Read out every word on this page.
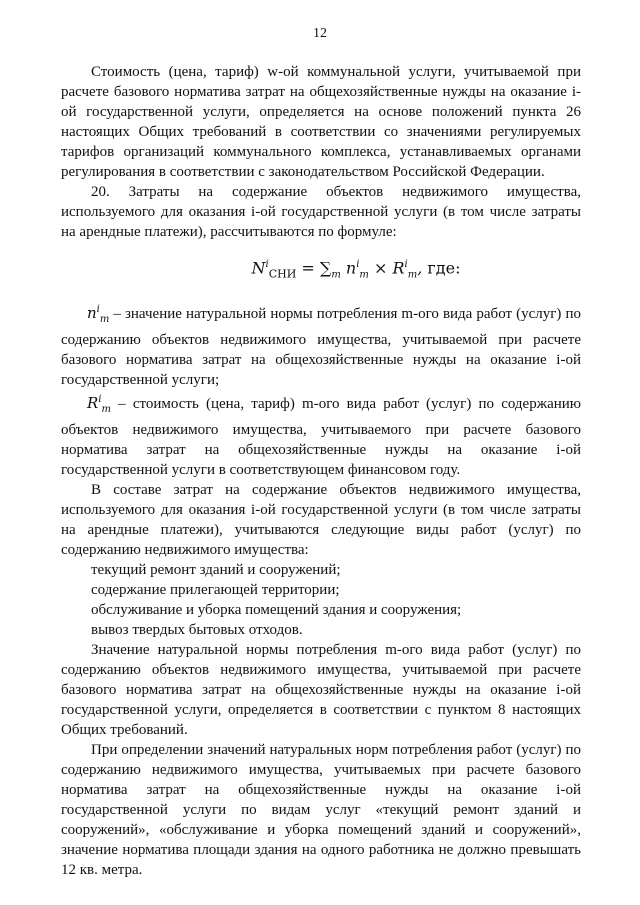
12

Стоимость (цена, тариф) w-ой коммунальной услуги, учитываемой при расчете базового норматива затрат на общехозяйственные нужды на оказание i-ой государственной услуги, определяется на основе положений пункта 26 настоящих Общих требований в соответствии со значениями регулируемых тарифов организаций коммунального комплекса, устанавливаемых органами регулирования в соответствии с законодательством Российской Федерации.

20. Затраты на содержание объектов недвижимого имущества, используемого для оказания i-ой государственной услуги (в том числе затраты на арендные платежи), рассчитываются по формуле:

$N^i_{СНИ} = \sum_m$ $n^i_m \times R^i_m$, где:

$n^i_m$ – значение натуральной нормы потребления m-ого вида работ (услуг) по содержанию объектов недвижимого имущества, учитываемой при расчете базового норматива затрат на общехозяйственные нужды на оказание i-ой государственной услуги;

$R^i_m$ – стоимость (цена, тариф) m-ого вида работ (услуг) по содержанию объектов недвижимого имущества, учитываемого при расчете базового норматива затрат на общехозяйственные нужды на оказание i-ой государственной услуги в соответствующем финансовом году.

В составе затрат на содержание объектов недвижимого имущества, используемого для оказания i-ой государственной услуги (в том числе затраты на арендные платежи), учитываются следующие виды работ (услуг) по содержанию недвижимого имущества:

текущий ремонт зданий и сооружений;

содержание прилегающей территории;

обслуживание и уборка помещений здания и сооружения;

вывоз твердых бытовых отходов.

Значение натуральной нормы потребления m-ого вида работ (услуг) по содержанию объектов недвижимого имущества, учитываемой при расчете базового норматива затрат на общехозяйственные нужды на оказание i-ой государственной услуги, определяется в соответствии с пунктом 8 настоящих Общих требований.

При определении значений натуральных норм потребления работ (услуг) по содержанию недвижимого имущества, учитываемых при расчете базового норматива затрат на общехозяйственные нужды на оказание i-ой государственной услуги по видам услуг «текущий ремонт зданий и сооружений», «обслуживание и уборка помещений зданий и сооружений», значение норматива площади здания на одного работника не должно превышать 12 кв. метра.
